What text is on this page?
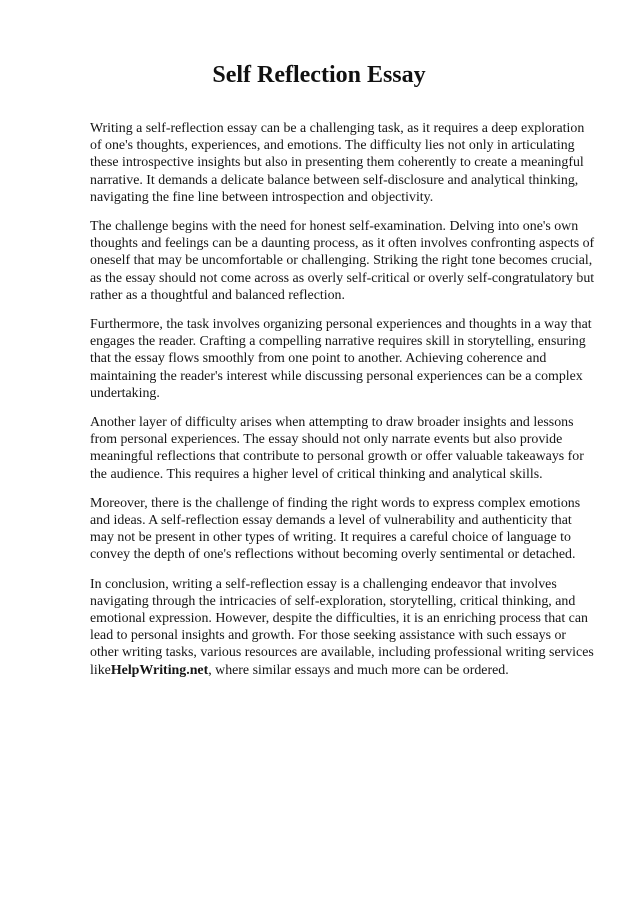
Self Reflection Essay

Writing a self-reflection essay can be a challenging task, as it requires a deep exploration of one's thoughts, experiences, and emotions. The difficulty lies not only in articulating these introspective insights but also in presenting them coherently to create a meaningful narrative. It demands a delicate balance between self-disclosure and analytical thinking, navigating the fine line between introspection and objectivity.

The challenge begins with the need for honest self-examination. Delving into one's own thoughts and feelings can be a daunting process, as it often involves confronting aspects of oneself that may be uncomfortable or challenging. Striking the right tone becomes crucial, as the essay should not come across as overly self-critical or overly self-congratulatory but rather as a thoughtful and balanced reflection.

Furthermore, the task involves organizing personal experiences and thoughts in a way that engages the reader. Crafting a compelling narrative requires skill in storytelling, ensuring that the essay flows smoothly from one point to another. Achieving coherence and maintaining the reader's interest while discussing personal experiences can be a complex undertaking.

Another layer of difficulty arises when attempting to draw broader insights and lessons from personal experiences. The essay should not only narrate events but also provide meaningful reflections that contribute to personal growth or offer valuable takeaways for the audience. This requires a higher level of critical thinking and analytical skills.

Moreover, there is the challenge of finding the right words to express complex emotions and ideas. A self-reflection essay demands a level of vulnerability and authenticity that may not be present in other types of writing. It requires a careful choice of language to convey the depth of one's reflections without becoming overly sentimental or detached.

In conclusion, writing a self-reflection essay is a challenging endeavor that involves navigating through the intricacies of self-exploration, storytelling, critical thinking, and emotional expression. However, despite the difficulties, it is an enriching process that can lead to personal insights and growth. For those seeking assistance with such essays or other writing tasks, various resources are available, including professional writing services likeHelpWriting.net, where similar essays and much more can be ordered.
